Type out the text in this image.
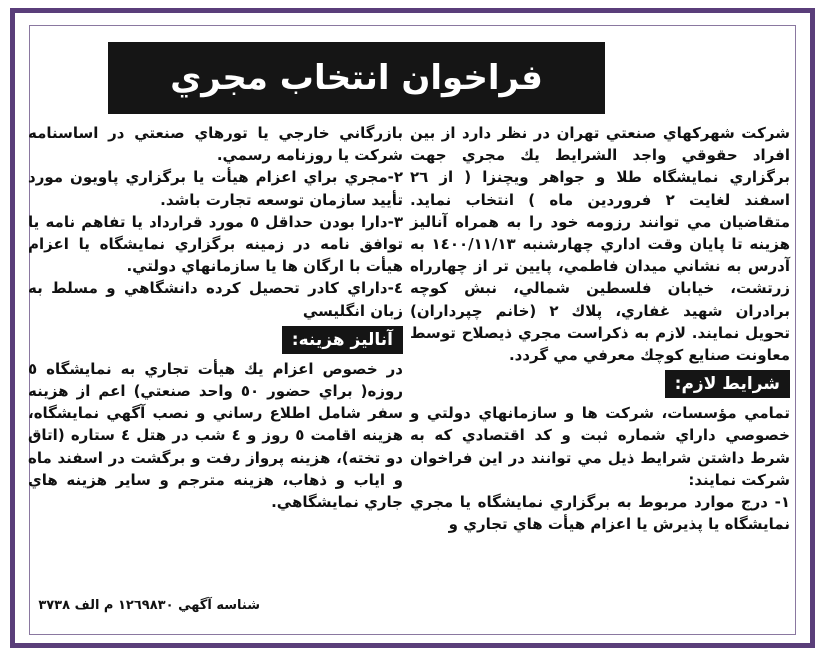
فراخوان انتخاب مجري

شركت شهركهاي صنعتي تهران در نظر دارد از بين افراد حقوقي واجد الشرايط يك مجري جهت برگزاري نمايشگاه طلا و جواهر ويچنزا ( از ٢٦ اسفند لغايت ٢ فروردين ماه ) انتخاب نمايد. متقاضيان مي توانند رزومه خود را به همراه آناليز هزينه تا پايان وقت اداري چهارشنبه ١٤٠٠/١١/١٣ به آدرس به نشاني ميدان فاطمي، پايين تر از چهارراه زرتشت، خيابان فلسطين شمالي، نبش كوچه برادران شهيد غفاري، پلاك ٢ (خانم چپرداران) تحويل نمايند. لازم به ذكراست مجري ذيصلاح توسط معاونت صنايع كوچك معرفي مي گردد.

شرايط لازم:

تمامي مؤسسات، شركت ها و سازمانهاي دولتي و خصوصي داراي شماره ثبت و كد اقتصادي كه به شرط داشتن شرايط ذيل مي توانند در اين فراخوان شركت نمايند:

١- درج موارد مربوط به برگزاري نمايشگاه يا مجري نمايشگاه يا پذيرش يا اعزام هيأت هاي تجاري و

بازرگاني خارجي يا تورهاي صنعتي در اساسنامه شركت يا روزنامه رسمي.

٢-مجري براي اعزام هيأت يا برگزاري پاويون مورد تأييد سازمان توسعه تجارت باشد.

٣-دارا بودن حداقل ٥ مورد قرارداد يا تفاهم نامه يا توافق نامه در زمينه برگزاري نمايشگاه يا اعزام هيأت با ارگان ها يا سازمانهاي دولتي.

٤-داراي كادر تحصيل كرده دانشگاهي و مسلط به زبان انگليسي

آناليز هزينه:

در خصوص اعزام يك هيأت تجاري به نمايشگاه ٥ روزه( براي حضور ٥٠ واحد صنعتي) اعم از هزينه سفر شامل اطلاع رساني و نصب آگهي نمايشگاه، هزينه اقامت ٥ روز و ٤ شب در هتل ٤ ستاره (اتاق دو تخته)، هزينه پرواز رفت و برگشت در اسفند ماه و اياب و ذهاب، هزينه مترجم و ساير هزينه هاي جاري نمايشگاهي.

شناسه آگهي ١٢٦٩٨٣٠ م الف ٣٧٣٨
